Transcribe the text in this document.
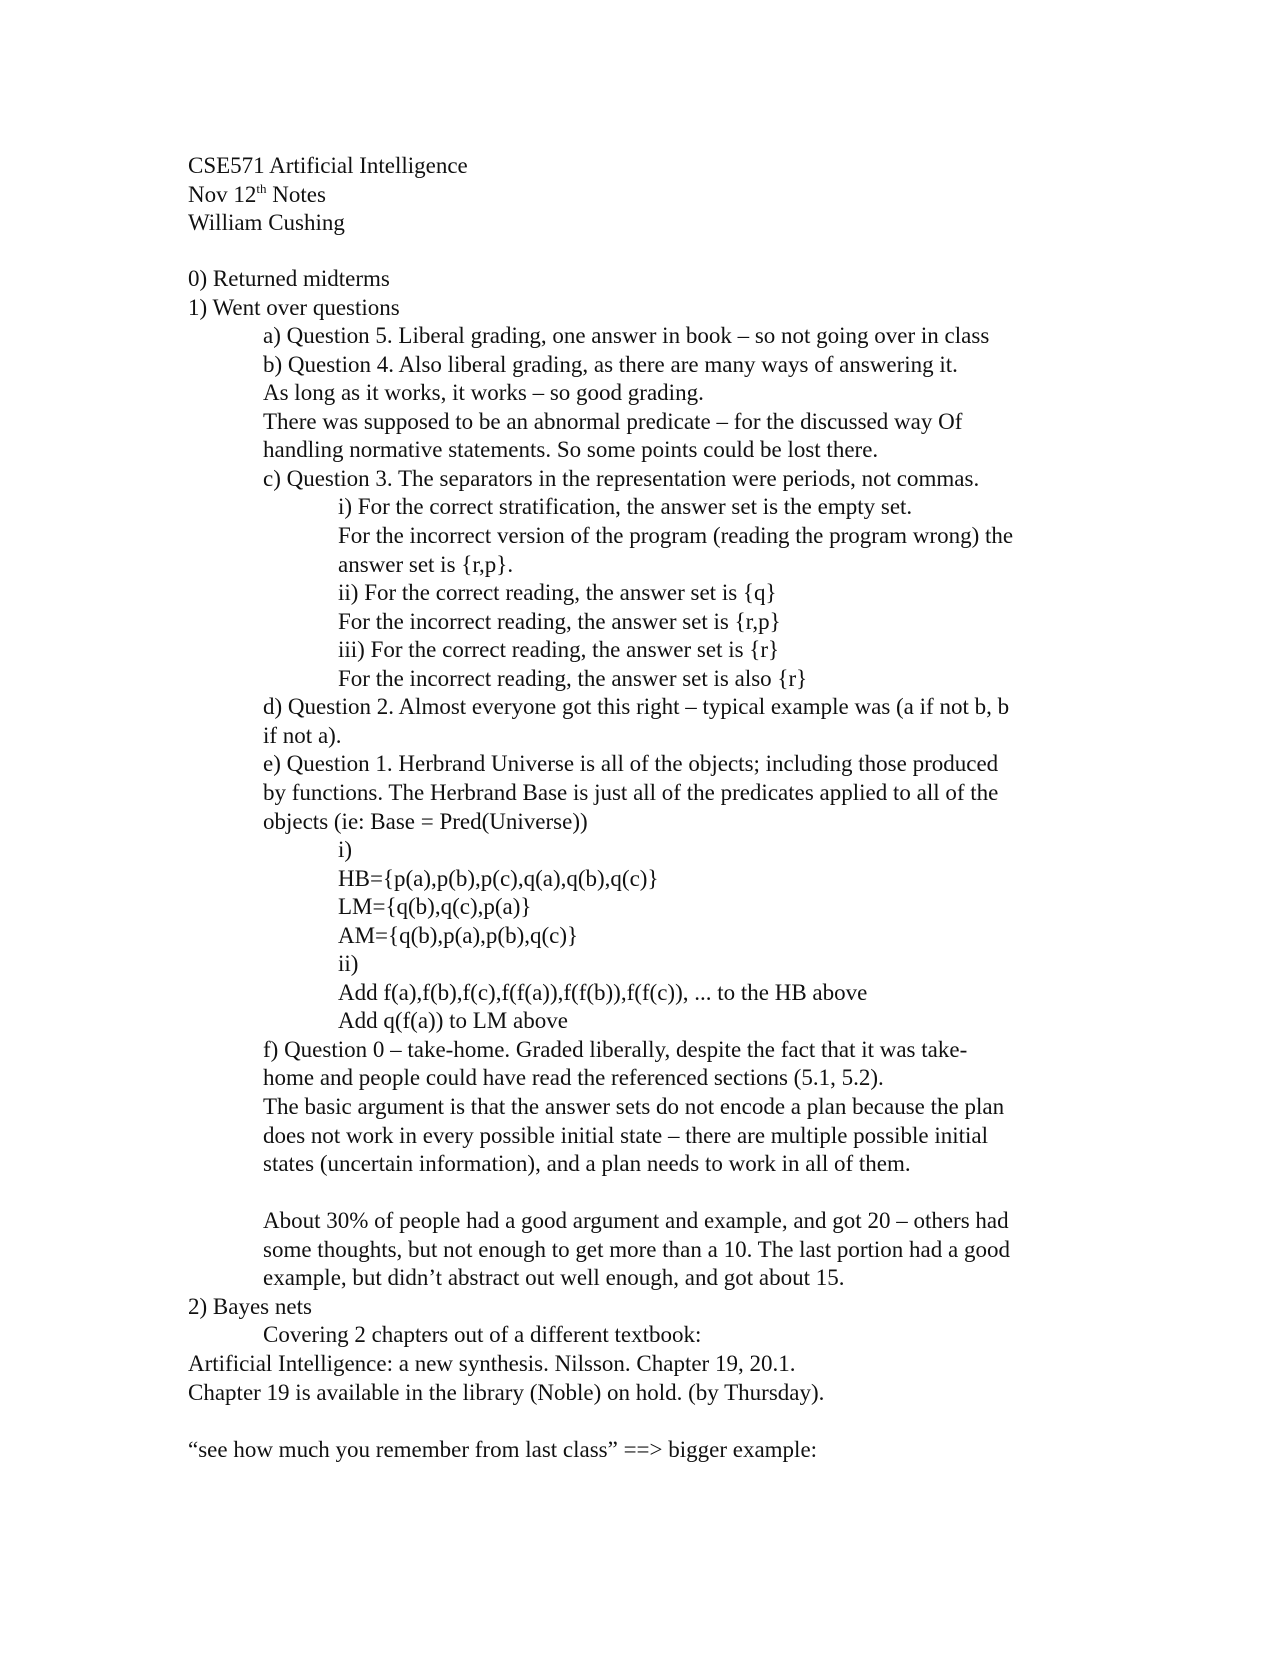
CSE571 Artificial Intelligence
Nov 12th Notes
William Cushing
0) Returned midterms
1) Went over questions
a) Question 5. Liberal grading, one answer in book – so not going over in class
b) Question 4. Also liberal grading, as there are many ways of answering it.
As long as it works, it works – so good grading.
There was supposed to be an abnormal predicate – for the discussed way Of
handling normative statements. So some points could be lost there.
c) Question 3. The separators in the representation were periods, not commas.
i) For the correct stratification, the answer set is the empty set.
For the incorrect version of the program (reading the program wrong) the
answer set is {r,p}.
ii) For the correct reading, the answer set is {q}
For the incorrect reading, the answer set is {r,p}
iii) For the correct reading, the answer set is {r}
For the incorrect reading, the answer set is also {r}
d) Question 2. Almost everyone got this right – typical example was (a if not b, b
if not a).
e) Question 1. Herbrand Universe is all of the objects; including those produced
by functions. The Herbrand Base is just all of the predicates applied to all of the
objects (ie: Base = Pred(Universe))
i)
HB={p(a),p(b),p(c),q(a),q(b),q(c)}
LM={q(b),q(c),p(a)}
AM={q(b),p(a),p(b),q(c)}
ii)
Add f(a),f(b),f(c),f(f(a)),f(f(b)),f(f(c)), ... to the HB above
Add q(f(a)) to LM above
f) Question 0 – take-home. Graded liberally, despite the fact that it was take-
home and people could have read the referenced sections (5.1, 5.2).
The basic argument is that the answer sets do not encode a plan because the plan
does not work in every possible initial state – there are multiple possible initial
states (uncertain information), and a plan needs to work in all of them.
About 30% of people had a good argument and example, and got 20 – others had
some thoughts, but not enough to get more than a 10. The last portion had a good
example, but didn’t abstract out well enough, and got about 15.
2) Bayes nets
Covering 2 chapters out of a different textbook:
Artificial Intelligence: a new synthesis. Nilsson. Chapter 19, 20.1.
Chapter 19 is available in the library (Noble) on hold. (by Thursday).
“see how much you remember from last class” ==> bigger example:
